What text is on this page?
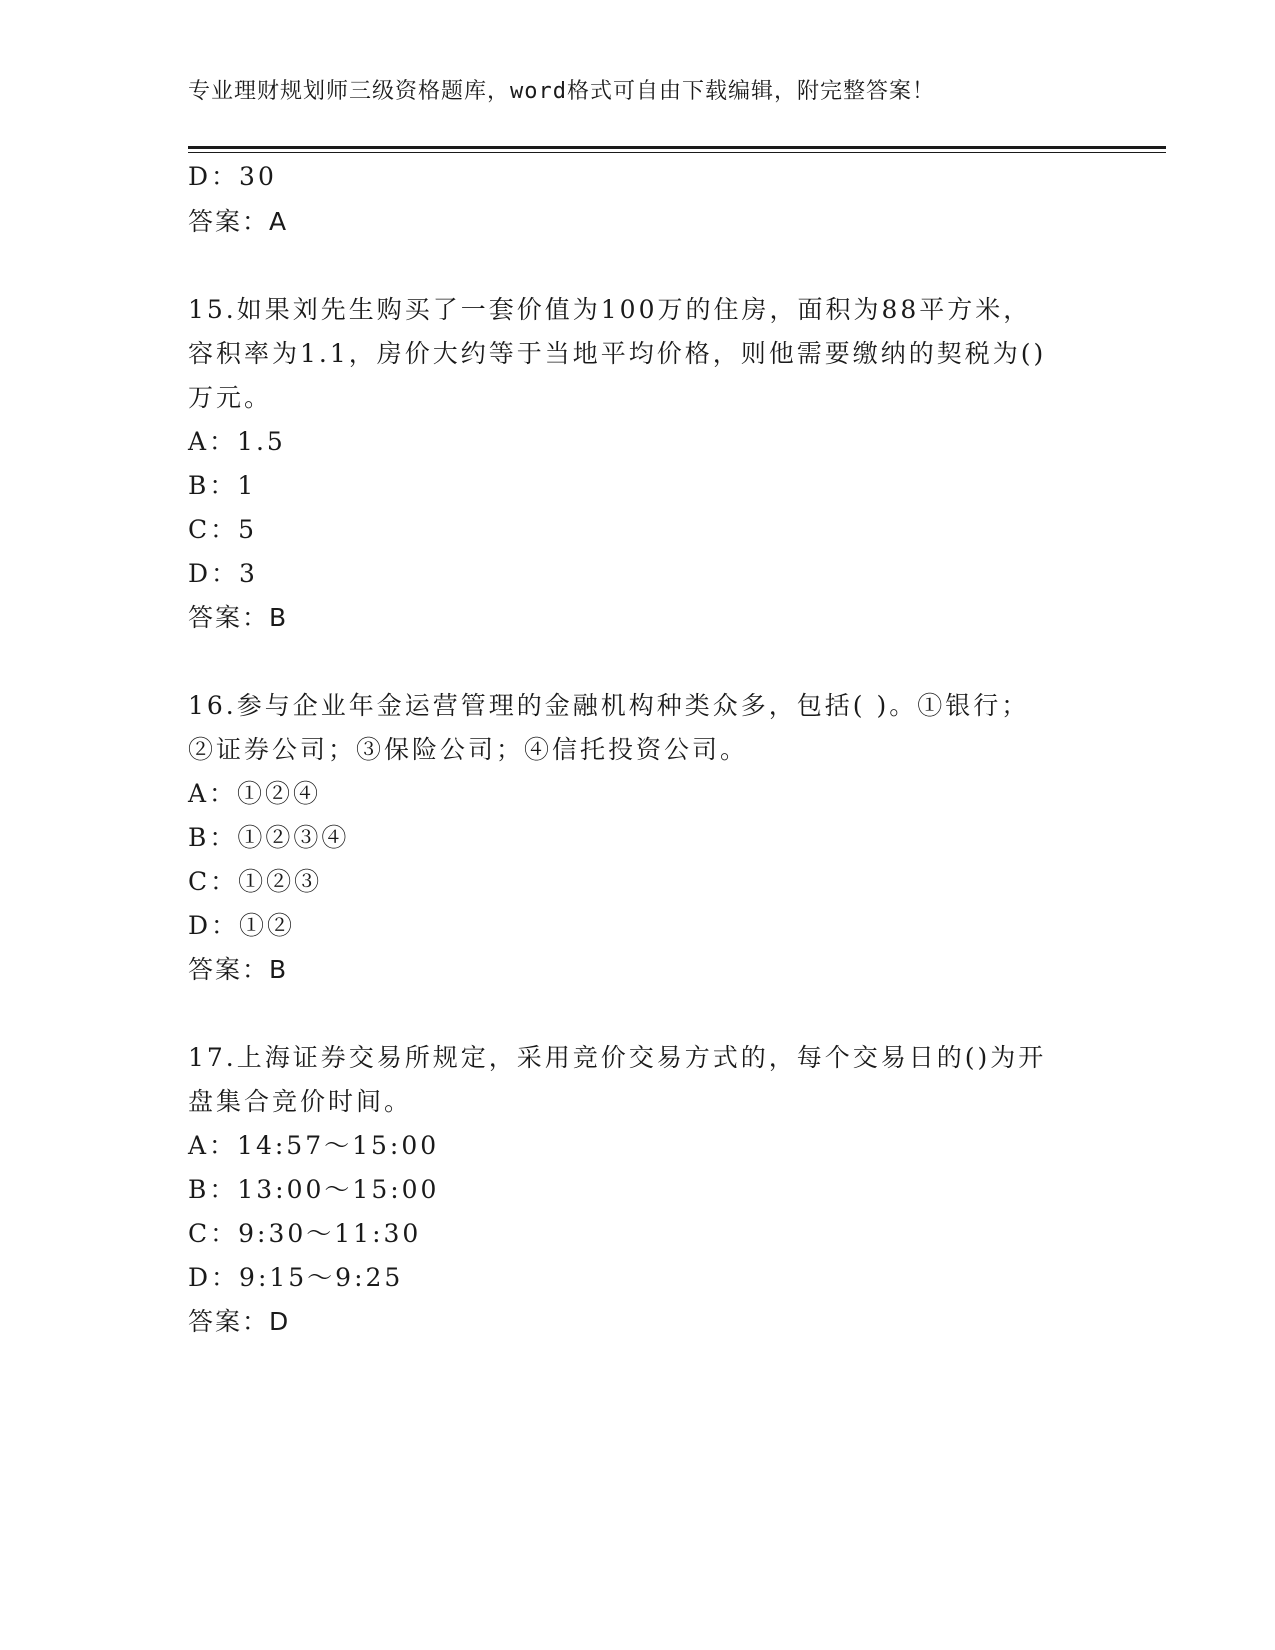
专业理财规划师三级资格题库，word格式可自由下载编辑，附完整答案！
D：30
答案：A
15.如果刘先生购买了一套价值为100万的住房，面积为88平方米，
容积率为1.1，房价大约等于当地平均价格，则他需要缴纳的契税为()
万元。
A：1.5
B：1
C：5
D：3
答案：B
16.参与企业年金运营管理的金融机构种类众多，包括( )。①银行；
②证券公司；③保险公司；④信托投资公司。
A：①②④
B：①②③④
C：①②③
D：①②
答案：B
17.上海证券交易所规定，采用竞价交易方式的，每个交易日的()为开
盘集合竞价时间。
A：14:57～15:00
B：13:00～15:00
C：9:30～11:30
D：9:15～9:25
答案：D
